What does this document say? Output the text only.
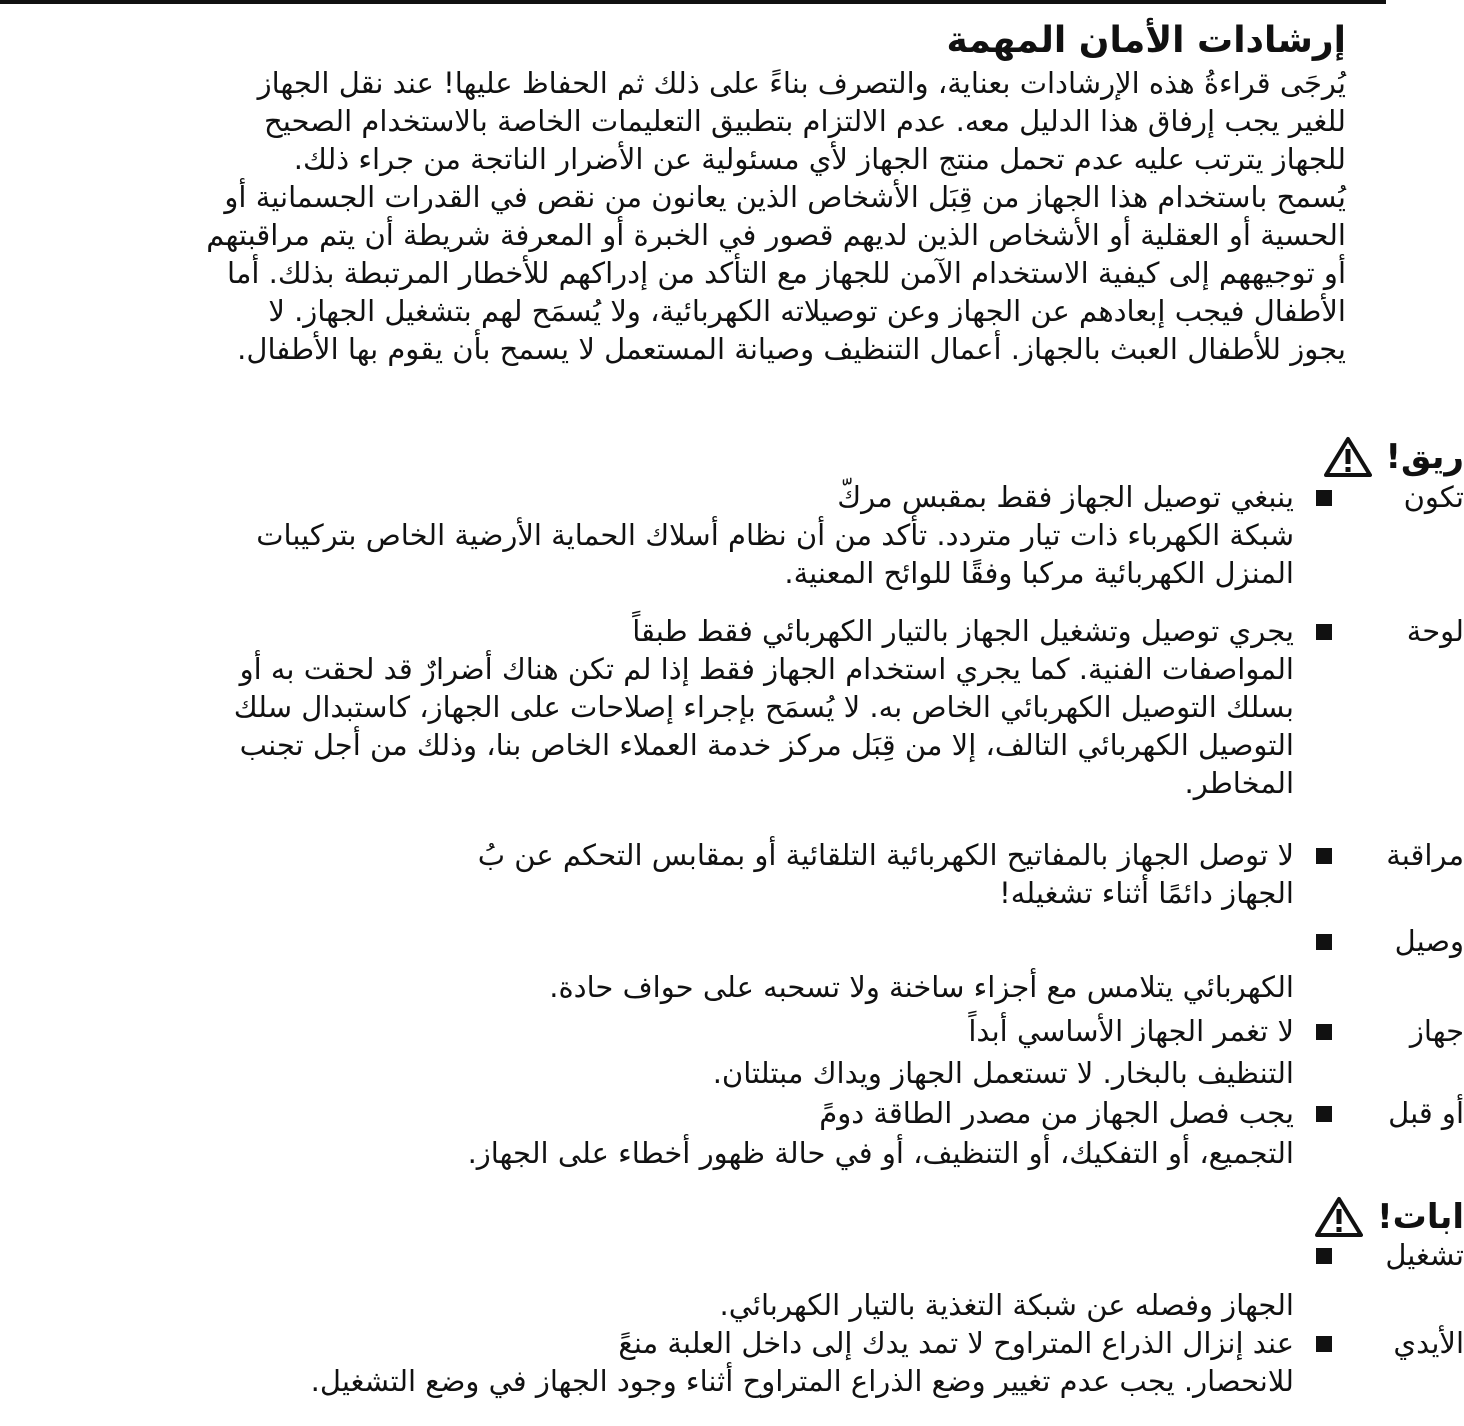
إرشادات الأمان المهمة
يُرجَى قراءةُ هذه الإرشادات بعناية، والتصرف بناءً على ذلك ثم الحفاظ عليها! عند نقل الجهاز
للغير يجب إرفاق هذا الدليل معه. عدم الالتزام بتطبيق التعليمات الخاصة بالاستخدام الصحيح
للجهاز يترتب عليه عدم تحمل منتج الجهاز لأي مسئولية عن الأضرار الناتجة من جراء ذلك.
يُسمح باستخدام هذا الجهاز من قِبَل الأشخاص الذين يعانون من نقص في القدرات الجسمانية أو
الحسية أو العقلية أو الأشخاص الذين لديهم قصور في الخبرة أو المعرفة شريطة أن يتم مراقبتهم
أو توجيههم إلى كيفية الاستخدام الآمن للجهاز مع التأكد من إدراكهم للأخطار المرتبطة بذلك. أما
الأطفال فيجب إبعادهم عن الجهاز وعن توصيلاته الكهربائية، ولا يُسمَح لهم بتشغيل الجهاز. لا
يجوز للأطفال العبث بالجهاز. أعمال التنظيف وصيانة المستعمل لا يسمح بأن يقوم بها الأطفال.
ريق!
تكون
ينبغي توصيل الجهاز فقط بمقبس مركّ
شبكة الكهرباء ذات تيار متردد. تأكد من أن نظام أسلاك الحماية الأرضية الخاص بتركيبات
المنزل الكهربائية مركبا وفقًا للوائح المعنية.
لوحة
يجري توصيل وتشغيل الجهاز بالتيار الكهربائي فقط طبقاً
المواصفات الفنية. كما يجري استخدام الجهاز فقط إذا لم تكن هناك أضرارٌ قد لحقت به أو
بسلك التوصيل الكهربائي الخاص به. لا يُسمَح بإجراء إصلاحات على الجهاز، كاستبدال سلك
التوصيل الكهربائي التالف، إلا من قِبَل مركز خدمة العملاء الخاص بنا، وذلك من أجل تجنب
المخاطر.
مراقبة
لا توصل الجهاز بالمفاتيح الكهربائية التلقائية أو بمقابس التحكم عن بُ
الجهاز دائمًا أثناء تشغيله!
وصيل
الكهربائي يتلامس مع أجزاء ساخنة ولا تسحبه على حواف حادة.
جهاز
لا تغمر الجهاز الأساسي أبداً
التنظيف بالبخار. لا تستعمل الجهاز ويداك مبتلتان.
أو قبل
يجب فصل الجهاز من مصدر الطاقة دومً
التجميع، أو التفكيك، أو التنظيف، أو في حالة ظهور أخطاء على الجهاز.
ابات!
تشغيل
الجهاز وفصله عن شبكة التغذية بالتيار الكهربائي.
الأيدي
عند إنزال الذراع المتراوح لا تمد يدك إلى داخل العلبة منعً
للانحصار. يجب عدم تغيير وضع الذراع المتراوح أثناء وجود الجهاز في وضع التشغيل.
